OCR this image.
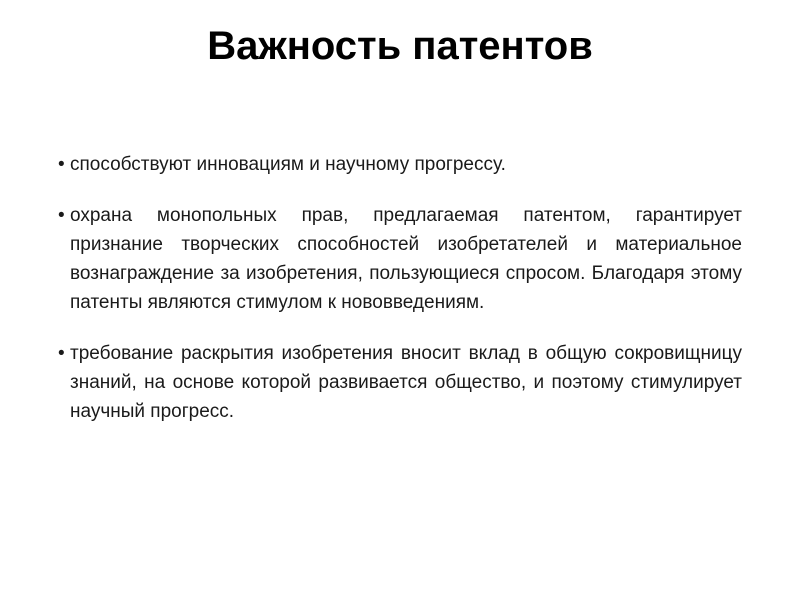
Важность патентов
• способствуют инновациям и научному прогрессу.
• охрана монопольных прав, предлагаемая патентом, гарантирует признание творческих способностей изобретателей и материальное вознаграждение за изобретения, пользующиеся спросом. Благодаря этому патенты являются стимулом к нововведениям.
• требование раскрытия изобретения вносит вклад в общую сокровищницу знаний, на основе которой развивается общество, и поэтому стимулирует научный прогресс.
